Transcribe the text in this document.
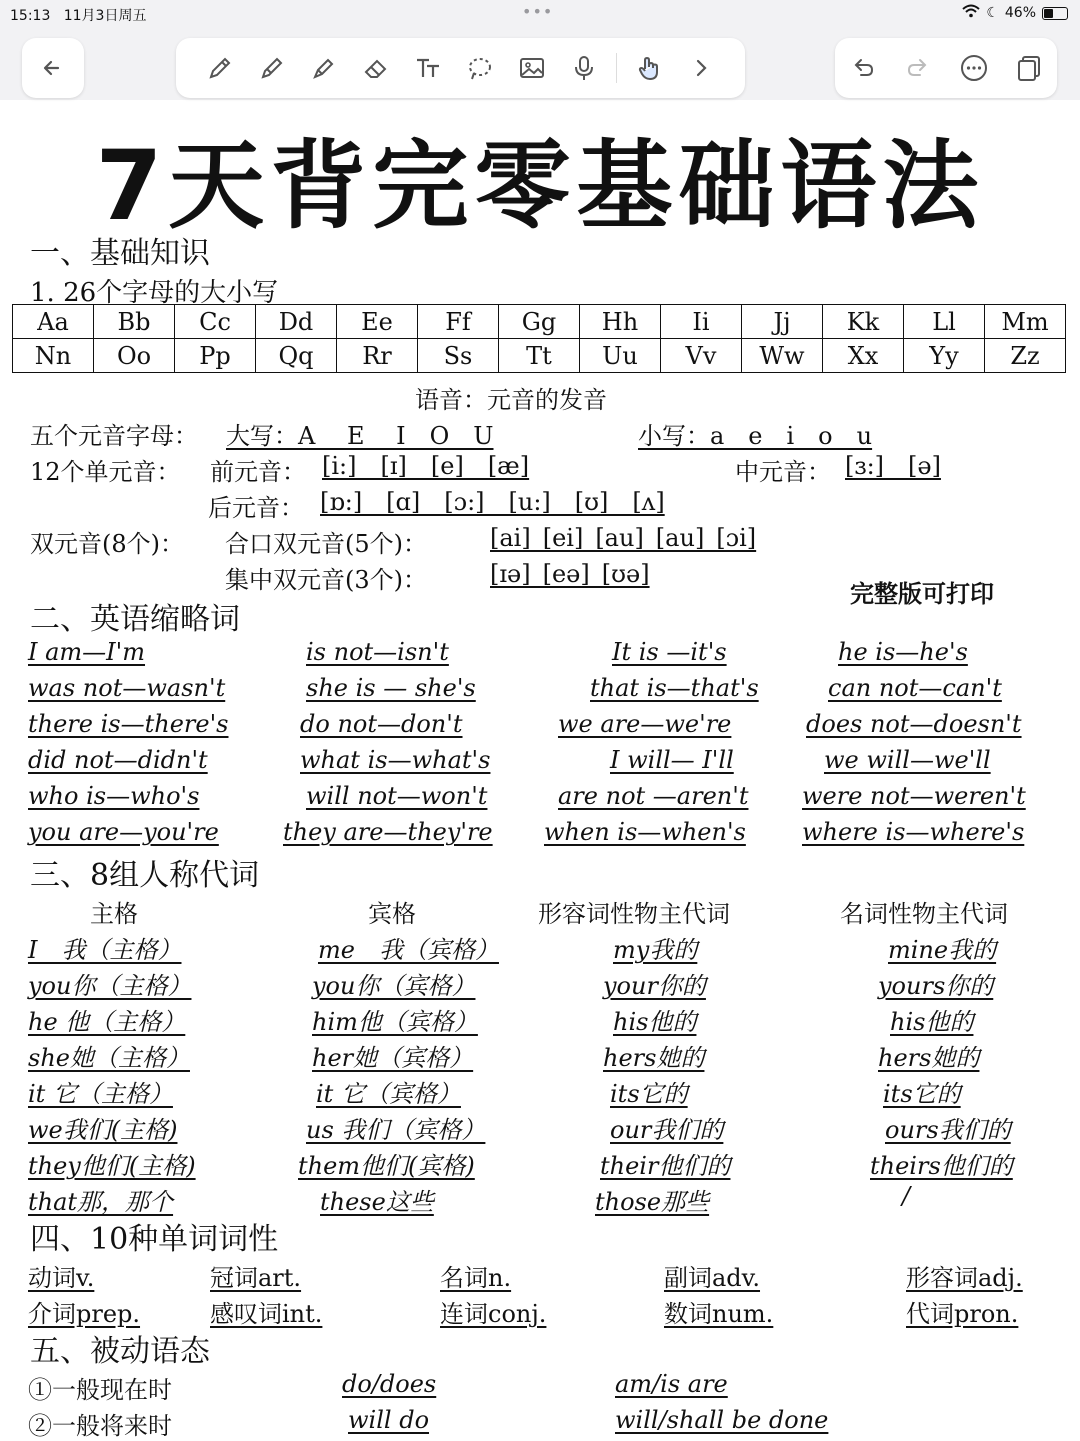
15:13 11月3日周五	•••	☾ 46%
7天背完零基础语法
一、基础知识
1. 26个字母的大小写
Aa	Bb	Cc	Dd	Ee	Ff	Gg	Hh	Ii	Jj	Kk	Ll	Mm
Nn	Oo	Pp	Qq	Rr	Ss	Tt	Uu	Vv	Ww	Xx	Yy	Zz
语音：元音的发音
五个元音字母： 大写：A　 E　 I　O　U	小写：a　e　i　o　u
12个单元音： 前元音： [i:]__[ɪ]__[e]__[æ]	中元音： [ɜ:]__[ə]
后元音： [ɒ:]__[ɑ]__[ɔ:]__[u:]__[ʊ]__[ʌ]
双元音(8个)： 合口双元音(5个)：	[ai]_[ei]_[au]_[au]_[ɔi]
集中双元音(3个)：	[ɪə]_[eə]_[ʊə]
完整版可打印
二、英语缩略词
I am—I'm	is not—isn't	It is —it's	he is—he's
was not—wasn't	she is — she's	that is—that's	can not—can't
there is—there's	do not—don't	we are—we're	does not—doesn't
did not—didn't	what is—what's	I will— I'll	we will—we'll
who is—who's	will not—won't	are not —aren't were not—weren't
you are—you're	they are—they're when is—when's where is—where's
三、8组人称代词
主格	宾格	形容词性物主代词	名词性物主代词
I　我（主格）	me　我（宾格）	my我的	mine我的
you你（主格）	you你（宾格）	your你的	yours你的
he 他（主格）	him他（宾格）	his他的	his他的
she她（主格）	her她（宾格）	hers她的	hers她的
it 它（主格）	it 它（宾格）	its它的	its它的
we我们(主格)	us 我们（宾格）	our我们的	ours我们的
they他们(主格)	them他们(宾格)	their他们的	theirs他们的
that那，那个	these这些	those那些	/
四、10种单词词性
动词v.	冠词art.	名词n.	副词adv.	形容词adj.
介词prep.	感叹词int.	连词conj.	数词num.	代词pron.
五、被动语态
①一般现在时	do/does	am/is are
②一般将来时	will do	will/shall be done
